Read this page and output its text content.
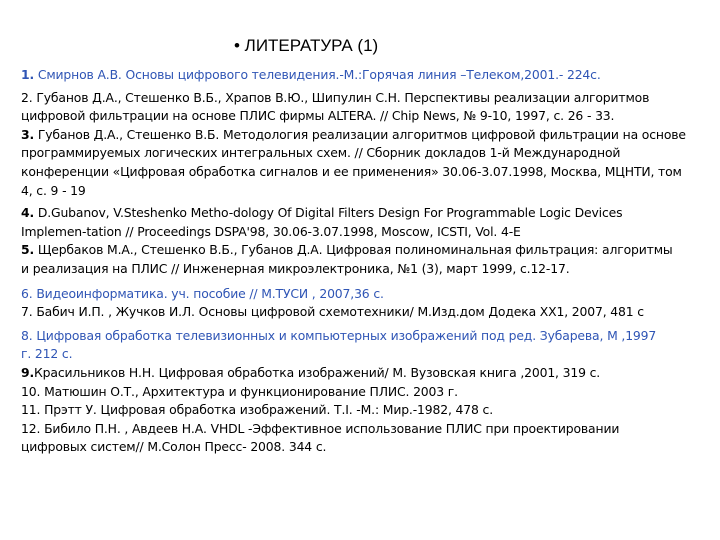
• ЛИТЕРАТУРА (1)
1. Смирнов А.В. Основы цифрового телевидения.-М.:Горячая линия –Телеком,2001.- 224с.
2. Губанов Д.А., Стешенко В.Б., Храпов В.Ю., Шипулин С.Н. Перспективы реализации алгоритмов
цифровой фильтрации на основе ПЛИС фирмы ALTERA. // Chip News, № 9-10, 1997, с. 26 - 33.
3. Губанов Д.А., Стешенко В.Б. Методология реализации алгоритмов цифровой фильтрации на основе
программируемых логических интегральных схем. // Сборник докладов 1-й Международной
конференции «Цифровая обработка сигналов и ее применения» 30.06-3.07.1998, Москва, МЦНТИ, том
4, с. 9 - 19
4. D.Gubanov, V.Steshenko Metho-dology Of Digital Filters Design For Programmable Logic Devices
Implemen-tation // Proceedings DSPA'98, 30.06-3.07.1998, Moscow, ICSTI, Vol. 4-E
5. Щербаков М.А., Стешенко В.Б., Губанов Д.А. Цифровая полиноминальная фильтрация: алгоритмы
и реализация на ПЛИС // Инженерная микроэлектроника, №1 (3), март 1999, с.12-17.
6. Видеоинформатика. уч. пособие // М.ТУСИ , 2007,36 с.
7. Бабич И.П. , Жучков И.Л. Основы цифровой схемотехники/ М.Изд.дом Додека ХХ1, 2007, 481 с
8. Цифровая обработка телевизионных и компьютерных изображений под ред. Зубарева, М ,1997
г. 212 с.
9.Красильников Н.Н. Цифровая обработка изображений/ М. Вузовская книга ,2001, 319 с.
10. Матюшин О.Т., Архитектура и функционирование ПЛИС. 2003 г.
11. Прэтт У. Цифровая обработка изображений. Т.I. -М.: Мир.-1982, 478 с.
12. Бибило П.Н. , Авдеев Н.А. VHDL -Эффективное использование ПЛИС при проектировании
цифровых систем// М.Солон Пресс- 2008. 344 с.
